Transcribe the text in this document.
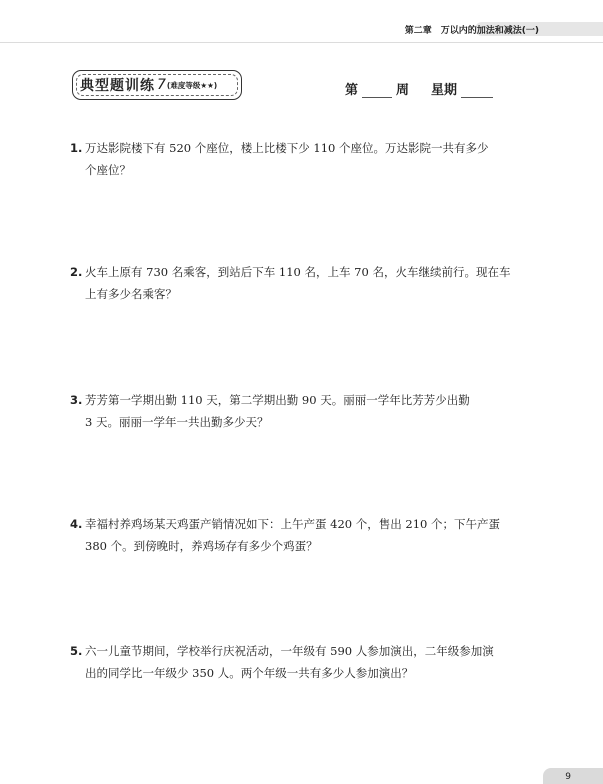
第二章　万以内的加法和减法(一)
典型题训练 7 (难度等级★★)	第	周 星期
1. 万达影院楼下有 520 个座位，楼上比楼下少 110 个座位。万达影院一共有多少
个座位？
2. 火车上原有 730 名乘客，到站后下车 110 名，上车 70 名，火车继续前行。现在车
上有多少名乘客？
3. 芳芳第一学期出勤 110 天，第二学期出勤 90 天。丽丽一学年比芳芳少出勤
3 天。丽丽一学年一共出勤多少天？
4. 幸福村养鸡场某天鸡蛋产销情况如下：上午产蛋 420 个，售出 210 个；下午产蛋
380 个。到傍晚时，养鸡场存有多少个鸡蛋？
5. 六一儿童节期间，学校举行庆祝活动，一年级有 590 人参加演出，二年级参加演
出的同学比一年级少 350 人。两个年级一共有多少人参加演出？
9
